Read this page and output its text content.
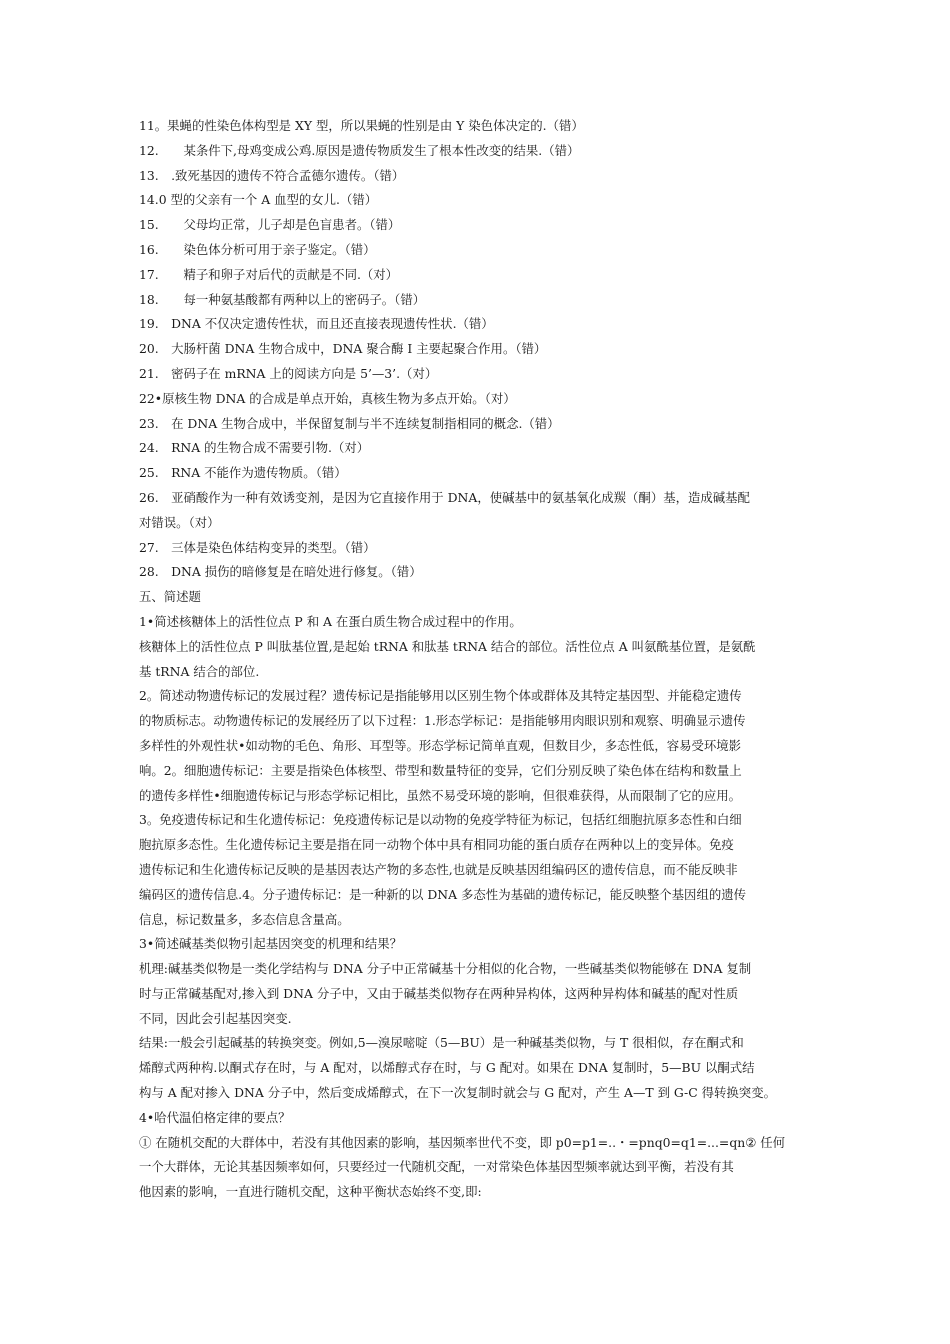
11。果蝇的性染色体构型是 XY 型，所以果蝇的性别是由 Y 染色体决定的.（错）

12.　　某条件下,母鸡变成公鸡.原因是遗传物质发生了根本性改变的结果.（错）

13.　.致死基因的遗传不符合孟德尔遗传。（错）

14.0 型的父亲有一个 A 血型的女儿.（错）

15.　　父母均正常，儿子却是色盲患者。（错）

16.　　染色体分析可用于亲子鉴定。（错）

17.　　精子和卵子对后代的贡献是不同.（对）

18.　　每一种氨基酸都有两种以上的密码子。（错）

19.　DNA 不仅决定遗传性状，而且还直接表现遗传性状.（错）

20.　大肠杆菌 DNA 生物合成中，DNA 聚合酶 I 主要起聚合作用。（错）

21.　密码子在 mRNA 上的阅读方向是 5’—3’.（对）

22•原核生物 DNA 的合成是单点开始，真核生物为多点开始。（对）

23.　在 DNA 生物合成中，半保留复制与半不连续复制指相同的概念.（错）

24.　RNA 的生物合成不需要引物.（对）

25.　RNA 不能作为遗传物质。（错）

26.　亚硝酸作为一种有效诱变剂，是因为它直接作用于 DNA，使碱基中的氨基氧化成羰（酮）基，造成碱基配

对错误。（对）

27.　三体是染色体结构变异的类型。（错）

28.　DNA 损伤的暗修复是在暗处进行修复。（错）

五、简述题

1•简述核糖体上的活性位点 P 和 A 在蛋白质生物合成过程中的作用。

核糖体上的活性位点 P 叫肽基位置,是起始 tRNA 和肽基 tRNA 结合的部位。活性位点 A 叫氨酰基位置，是氨酰

基 tRNA 结合的部位.

2。简述动物遗传标记的发展过程？遗传标记是指能够用以区别生物个体或群体及其特定基因型、并能稳定遗传

的物质标志。动物遗传标记的发展经历了以下过程：1.形态学标记：是指能够用肉眼识别和观察、明确显示遗传

多样性的外观性状•如动物的毛色、角形、耳型等。形态学标记简单直观，但数目少，多态性低，容易受环境影

响。2。细胞遗传标记：主要是指染色体核型、带型和数量特征的变异，它们分别反映了染色体在结构和数量上

的遗传多样性•细胞遗传标记与形态学标记相比，虽然不易受环境的影响，但很难获得，从而限制了它的应用。

3。免疫遗传标记和生化遗传标记：免疫遗传标记是以动物的免疫学特征为标记，包括红细胞抗原多态性和白细

胞抗原多态性。生化遗传标记主要是指在同一动物个体中具有相同功能的蛋白质存在两种以上的变异体。免疫

遗传标记和生化遗传标记反映的是基因表达产物的多态性,也就是反映基因组编码区的遗传信息，而不能反映非

编码区的遗传信息.4。分子遗传标记：是一种新的以 DNA 多态性为基础的遗传标记，能反映整个基因组的遗传

信息，标记数量多，多态信息含量高。

3•简述碱基类似物引起基因突变的机理和结果？

机理:碱基类似物是一类化学结构与 DNA 分子中正常碱基十分相似的化合物，一些碱基类似物能够在 DNA 复制

时与正常碱基配对,掺入到 DNA 分子中，又由于碱基类似物存在两种异构体，这两种异构体和碱基的配对性质

不同，因此会引起基因突变.

结果:一般会引起碱基的转换突变。例如,5—溴尿嘧啶（5—BU）是一种碱基类似物，与 T 很相似，存在酮式和

烯醇式两种构.以酮式存在时，与 A 配对，以烯醇式存在时，与 G 配对。如果在 DNA 复制时，5—BU 以酮式结

构与 A 配对掺入 DNA 分子中，然后变成烯醇式，在下一次复制时就会与 G 配对，产生 A—T 到 G-C 得转换突变。

4•哈代温伯格定律的要点？

① 在随机交配的大群体中，若没有其他因素的影响，基因频率世代不变，即 p0=p1=..・=pnq0=q1=...=qn② 任何

一个大群体，无论其基因频率如何，只要经过一代随机交配，一对常染色体基因型频率就达到平衡，若没有其

他因素的影响，一直进行随机交配，这种平衡状态始终不变,即:
